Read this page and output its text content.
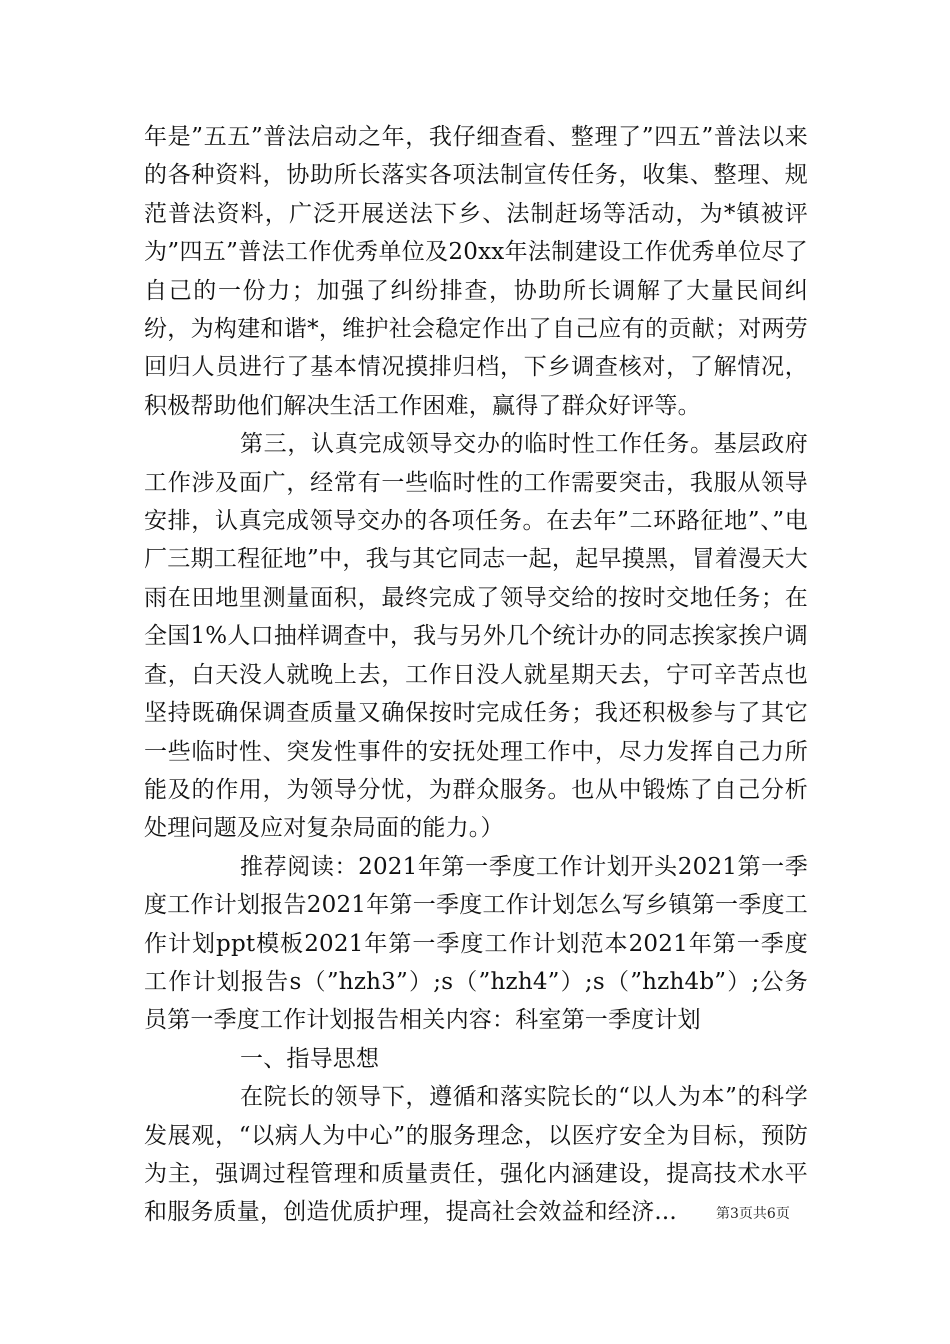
年是”五五”普法启动之年，我仔细查看、整理了”四五”普法以来的各种资料，协助所长落实各项法制宣传任务，收集、整理、规范普法资料，广泛开展送法下乡、法制赶场等活动，为*镇被评为”四五”普法工作优秀单位及20xx年法制建设工作优秀单位尽了自己的一份力；加强了纠纷排查，协助所长调解了大量民间纠纷，为构建和谐*，维护社会稳定作出了自己应有的贡献；对两劳回归人员进行了基本情况摸排归档，下乡调查核对，了解情况，积极帮助他们解决生活工作困难，赢得了群众好评等。

第三，认真完成领导交办的临时性工作任务。基层政府工作涉及面广，经常有一些临时性的工作需要突击，我服从领导安排，认真完成领导交办的各项任务。在去年”二环路征地”、”电厂三期工程征地”中，我与其它同志一起，起早摸黑，冒着漫天大雨在田地里测量面积，最终完成了领导交给的按时交地任务；在全国1%人口抽样调查中，我与另外几个统计办的同志挨家挨户调查，白天没人就晚上去，工作日没人就星期天去，宁可辛苦点也坚持既确保调查质量又确保按时完成任务；我还积极参与了其它一些临时性、突发性事件的安抚处理工作中，尽力发挥自己力所能及的作用，为领导分忧，为群众服务。也从中锻炼了自己分析处理问题及应对复杂局面的能力。）

推荐阅读：2021年第一季度工作计划开头2021第一季度工作计划报告2021年第一季度工作计划怎么写乡镇第一季度工作计划ppt模板2021年第一季度工作计划范本2021年第一季度工作计划报告s（”hzh3”）;s（”hzh4”）;s（”hzh4b”）;公务员第一季度工作计划报告相关内容：科室第一季度计划

一、指导思想

在院长的领导下，遵循和落实院长的“以人为本”的科学发展观，“以病人为中心”的服务理念，以医疗安全为目标，预防为主，强调过程管理和质量责任，强化内涵建设，提高技术水平和服务质量，创造优质护理，提高社会效益和经济...	第3页共6页
